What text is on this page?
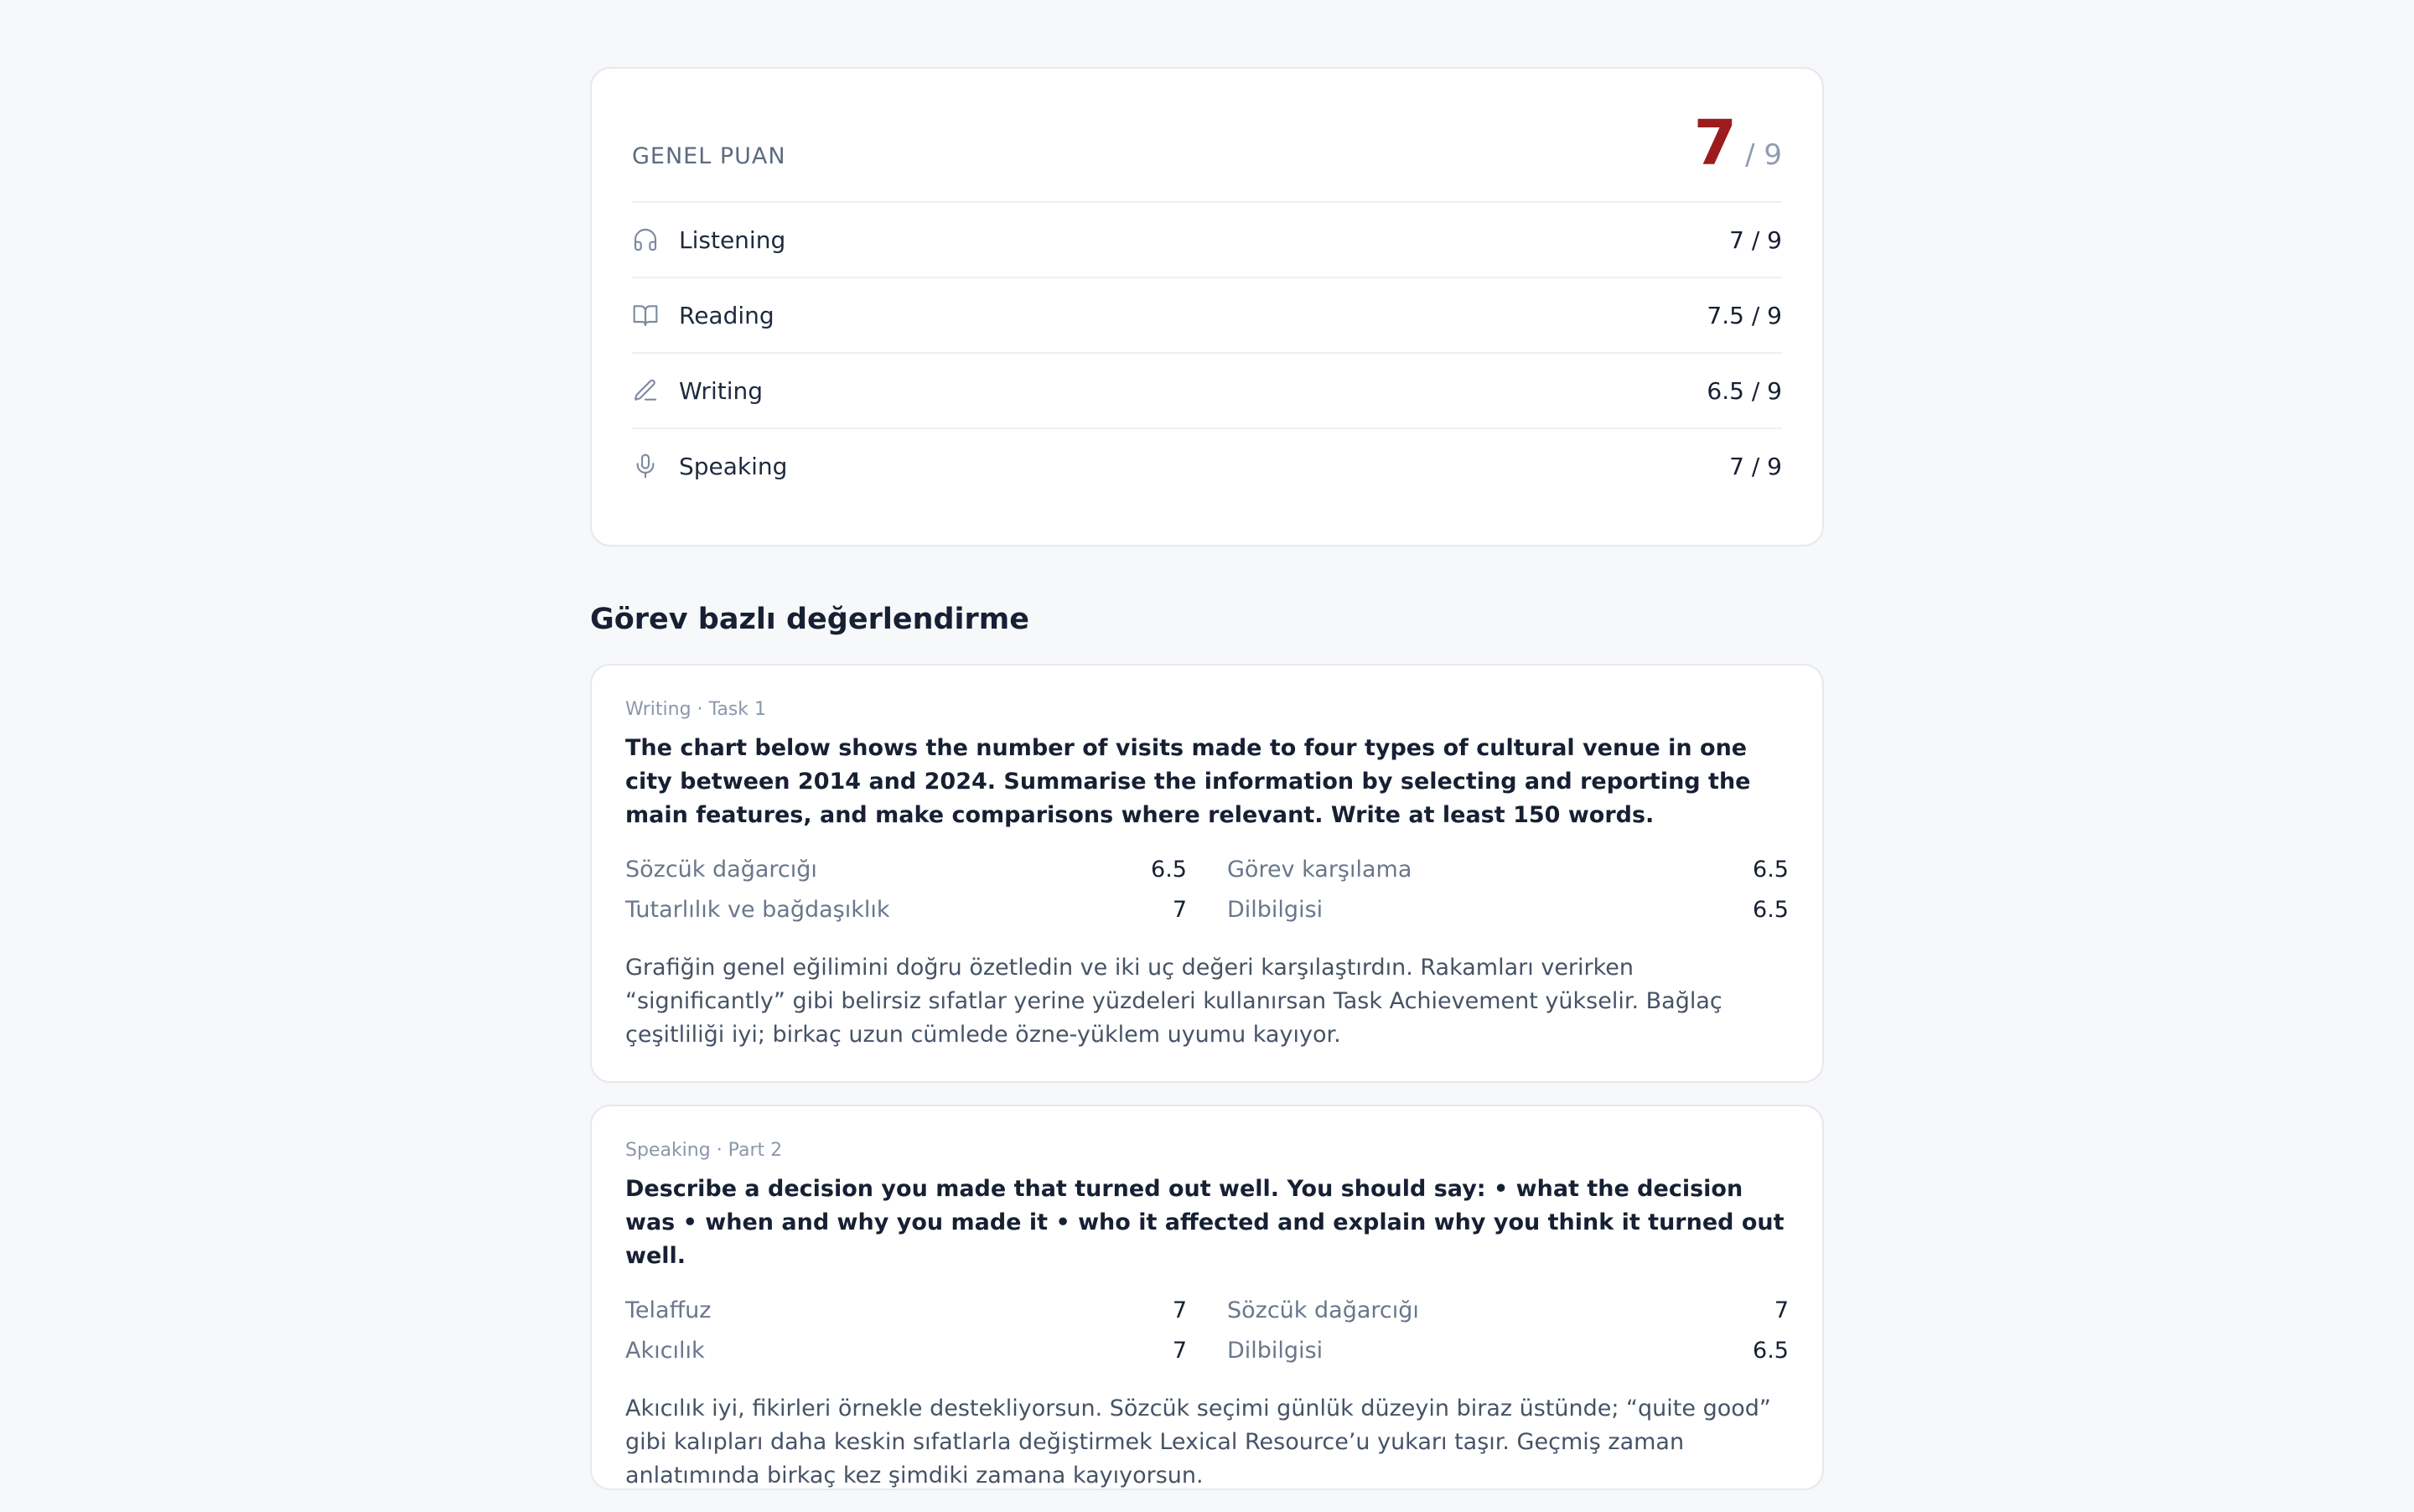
GENEL PUAN	7 / 9
Listening	7 / 9
Reading	7.5 / 9
Writing	6.5 / 9
Speaking	7 / 9
Görev bazlı değerlendirme
Writing · Task 1
The chart below shows the number of visits made to four types of cultural venue in one city between 2014 and 2024. Summarise the information by selecting and reporting the main features, and make comparisons where relevant. Write at least 150 words.
Sözcük dağarcığı	6.5 Görev karşılama	6.5
Tutarlılık ve bağdaşıklık	7 Dilbilgisi	6.5
Grafiğin genel eğilimini doğru özetledin ve iki uç değeri karşılaştırdın. Rakamları verirken “significantly” gibi belirsiz sıfatlar yerine yüzdeleri kullanırsan Task Achievement yükselir. Bağlaç çeşitliliği iyi; birkaç uzun cümlede özne-yüklem uyumu kayıyor.
Speaking · Part 2
Describe a decision you made that turned out well. You should say: • what the decision was • when and why you made it • who it affected and explain why you think it turned out well.
Telaffuz	7 Sözcük dağarcığı	7
Akıcılık	7 Dilbilgisi	6.5
Akıcılık iyi, fikirleri örnekle destekliyorsun. Sözcük seçimi günlük düzeyin biraz üstünde; “quite good” gibi kalıpları daha keskin sıfatlarla değiştirmek Lexical Resource’u yukarı taşır. Geçmiş zaman anlatımında birkaç kez şimdiki zamana kayıyorsun.
